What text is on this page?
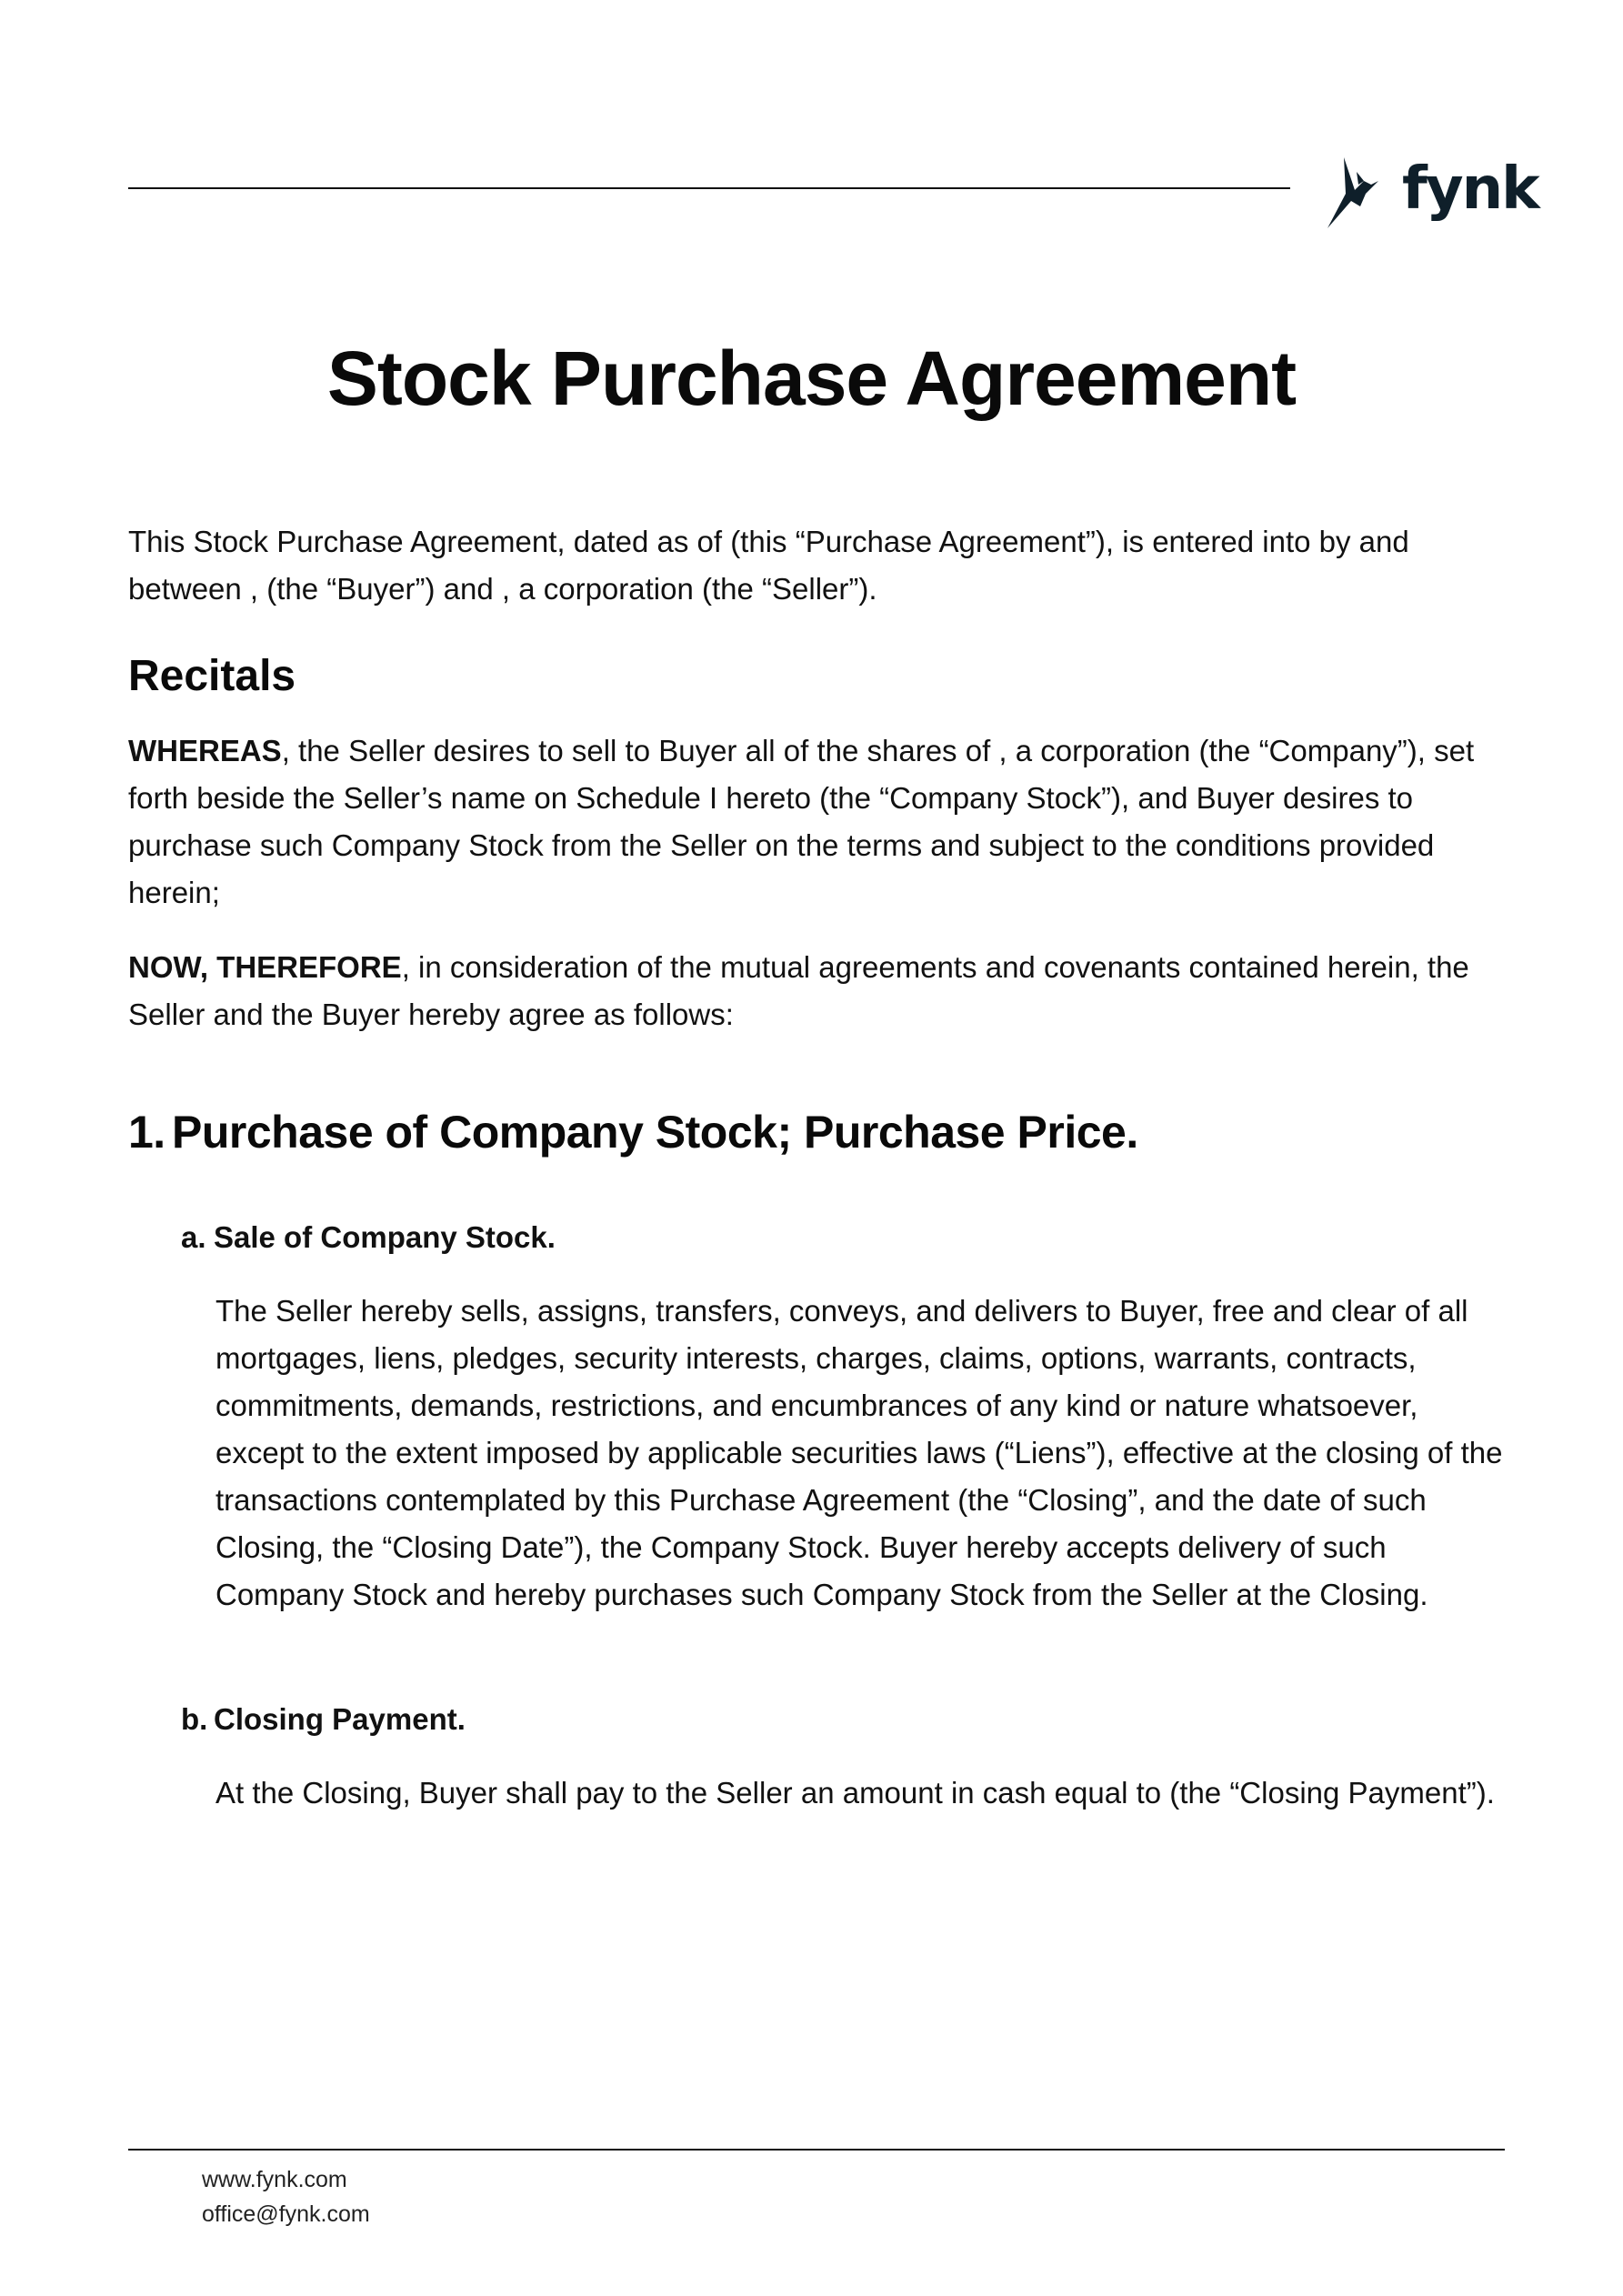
fynk
Stock Purchase Agreement

This Stock Purchase Agreement, dated as of (this “Purchase Agreement”), is entered into by and between , (the “Buyer”) and , a corporation (the “Seller”).

Recitals

WHEREAS, the Seller desires to sell to Buyer all of the shares of , a corporation (the “Company”), set forth beside the Seller’s name on Schedule I hereto (the “Company Stock”), and Buyer desires to purchase such Company Stock from the Seller on the terms and subject to the conditions provided herein;

NOW, THEREFORE, in consideration of the mutual agreements and covenants contained herein, the Seller and the Buyer hereby agree as follows:

1. Purchase of Company Stock; Purchase Price.
a. Sale of Company Stock.

The Seller hereby sells, assigns, transfers, conveys, and delivers to Buyer, free and clear of all mortgages, liens, pledges, security interests, charges, claims, options, warrants, contracts, commitments, demands, restrictions, and encumbrances of any kind or nature whatsoever, except to the extent imposed by applicable securities laws (“Liens”), effective at the closing of the transactions contemplated by this Purchase Agreement (the “Closing”, and the date of such Closing, the “Closing Date”), the Company Stock. Buyer hereby accepts delivery of such Company Stock and hereby purchases such Company Stock from the Seller at the Closing.

b. Closing Payment.

At the Closing, Buyer shall pay to the Seller an amount in cash equal to (the “Closing Payment”).

www.fynk.com
office@fynk.com
